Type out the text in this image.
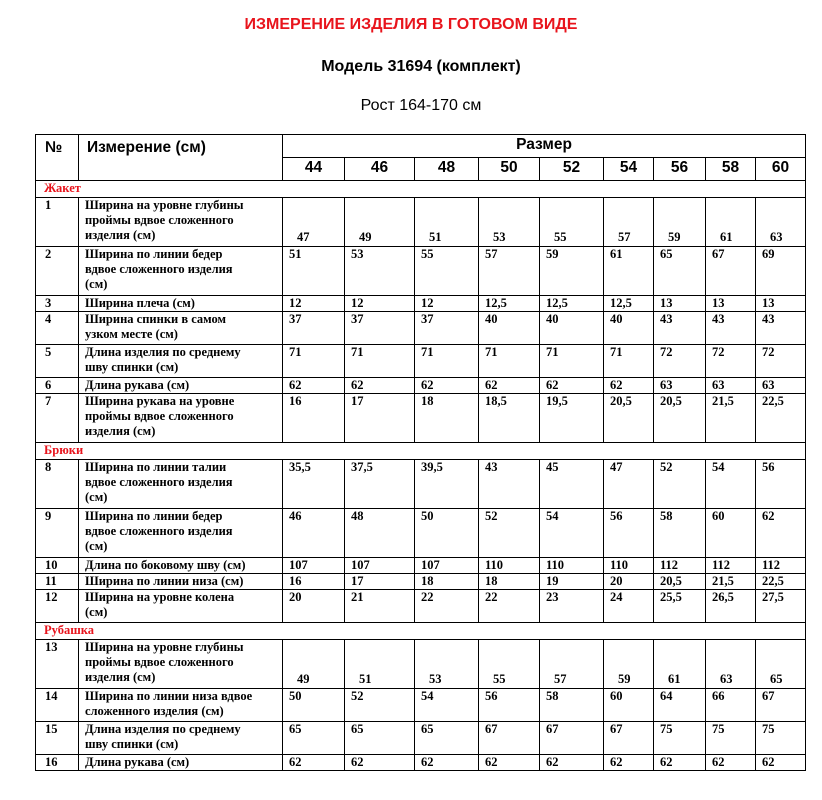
ИЗМЕРЕНИЕ ИЗДЕЛИЯ В ГОТОВОМ ВИДЕ
Модель 31694 (комплект)
Рост 164-170 см
№	Измерение (см)	Размер								
		44	46	48	50	52	54	56	58	60
Жакет										
1	Ширина на уровне глубины
проймы вдвое сложенного
изделия (см)	47	49	51	53	55	57	59	61	63
2	Ширина по линии бедер
вдвое сложенного изделия
(см)	51	53	55	57	59	61	65	67	69
3	Ширина плеча (см)	12	12	12	12,5	12,5	12,5	13	13	13
4	Ширина спинки в самом
узком месте (см)	37	37	37	40	40	40	43	43	43
5	Длина изделия по среднему
шву спинки (см)	71	71	71	71	71	71	72	72	72
6	Длина рукава (см)	62	62	62	62	62	62	63	63	63
7	Ширина рукава на уровне
проймы вдвое сложенного
изделия (см)	16	17	18	18,5	19,5	20,5	20,5	21,5	22,5
Брюки										
8	Ширина по линии талии
вдвое сложенного изделия
(см)	35,5	37,5	39,5	43	45	47	52	54	56
9	Ширина по линии бедер
вдвое сложенного изделия
(см)	46	48	50	52	54	56	58	60	62
10	Длина по боковому шву (см)	107	107	107	110	110	110	112	112	112
11	Ширина по линии низа (см)	16	17	18	18	19	20	20,5	21,5	22,5
12	Ширина на уровне колена
(см)	20	21	22	22	23	24	25,5	26,5	27,5
Рубашка										
13	Ширина на уровне глубины
проймы вдвое сложенного
изделия (см)	49	51	53	55	57	59	61	63	65
14	Ширина по линии низа вдвое
сложенного изделия (см)	50	52	54	56	58	60	64	66	67
15	Длина изделия по среднему
шву спинки (см)	65	65	65	67	67	67	75	75	75
16	Длина рукава (см)	62	62	62	62	62	62	62	62	62
